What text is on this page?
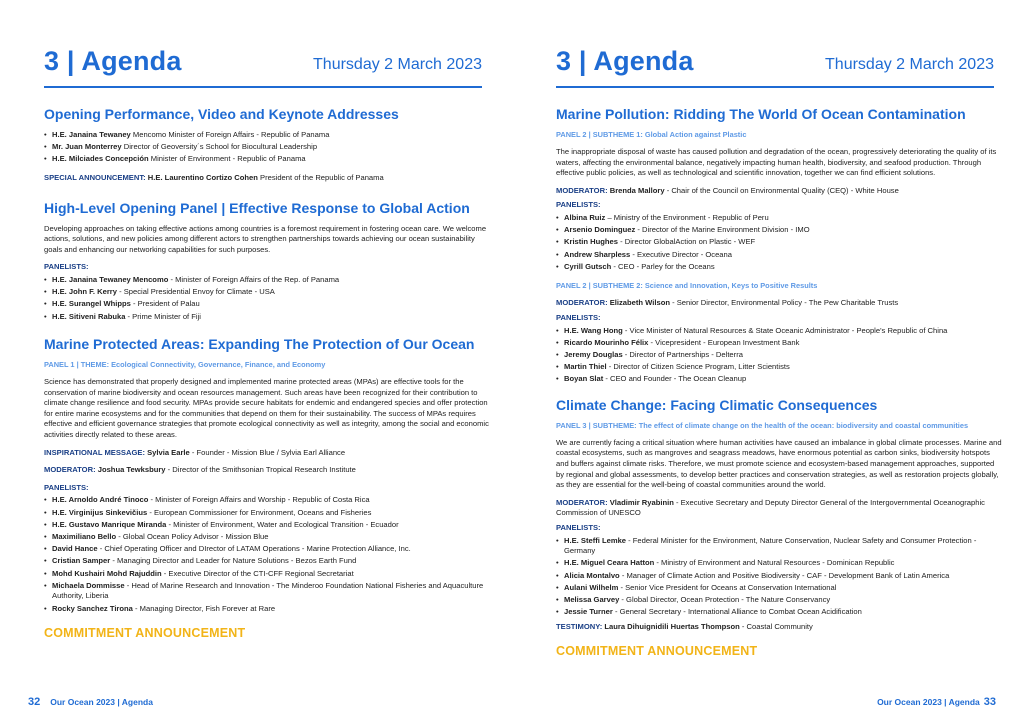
3 | Agenda	Thursday 2 March 2023
Opening Performance, Video and Keynote Addresses
• H.E. Janaina Tewaney Mencomo Minister of Foreign Affairs - Republic of Panama
• Mr. Juan Monterrey Director of Geoversity´s School for Biocultural Leadership
• H.E. Milciades Concepción Minister of Environment - Republic of Panama
SPECIAL ANNOUNCEMENT: H.E. Laurentino Cortizo Cohen President of the Republic of Panama
High-Level Opening Panel | Effective Response to Global Action

Developing approaches on taking effective actions among countries is a foremost requirement in fostering ocean care. We welcome actions, solutions, and new policies among different actors to strengthen partnerships towards achieving our ocean sustainability goals and enhancing our networking capabilities for such purposes.

PANELISTS:
• H.E. Janaina Tewaney Mencomo - Minister of Foreign Affairs of the Rep. of Panama
• H.E. John F. Kerry - Special Presidential Envoy for Climate - USA
• H.E. Surangel Whipps - President of Palau
• H.E. Sitiveni Rabuka - Prime Minister of Fiji
Marine Protected Areas: Expanding The Protection of Our Ocean
PANEL 1 | THEME: Ecological Connectivity, Governance, Finance, and Economy

Science has demonstrated that properly designed and implemented marine protected areas (MPAs) are effective tools for the conservation of marine biodiversity and ocean resources management. Such areas have been recognized for their contribution to climate change resilience and food security. MPAs provide secure habitats for endemic and endangered species and offer protection for entire marine ecosystems and for the communities that depend on them for their sustainability. The success of MPAs requires effective and efficient governance strategies that promote ecological connectivity as well as integrity, among the social and economic activities directly related to these areas.

INSPIRATIONAL MESSAGE: Sylvia Earle - Founder - Mission Blue / Sylvia Earl Alliance
MODERATOR: Joshua Tewksbury - Director of the Smithsonian Tropical Research Institute
PANELISTS:
• H.E. Arnoldo André Tinoco - Minister of Foreign Affairs and Worship - Republic of Costa Rica
• H.E. Virginijus Sinkevičius - European Commissioner for Environment, Oceans and Fisheries
• H.E. Gustavo Manrique Miranda - Minister of Environment, Water and Ecological Transition - Ecuador
• Maximiliano Bello - Global Ocean Policy Advisor - Mission Blue
• David Hance - Chief Operating Officer and DIrector of LATAM Operations - Marine Protection Alliance, Inc.
• Cristian Samper - Managing Director and Leader for Nature Solutions - Bezos Earth Fund
• Mohd Kushairi Mohd Rajuddin - Executive Director of the CTI-CFF Regional Secretariat
• Michaela Dommisse - Head of Marine Research and Innovation - The Minderoo Foundation National Fisheries and Aquaculture Authority, Liberia
• Rocky Sanchez Tirona - Managing Director, Fish Forever at Rare
COMMITMENT ANNOUNCEMENT
32 Our Ocean 2023 | Agenda
3 | Agenda	Thursday 2 March 2023
Marine Pollution: Ridding The World Of Ocean Contamination
PANEL 2 | SUBTHEME 1: Global Action against Plastic

The inappropriate disposal of waste has caused pollution and degradation of the ocean, progressively deteriorating the quality of its waters, affecting the environmental balance, negatively impacting human health, biodiversity, and seafood production. Through effective public policies, as well as technological and scientific innovation, together we can find efficient solutions.

MODERATOR: Brenda Mallory - Chair of the Council on Environmental Quality (CEQ) - White House
PANELISTS:
• Albina Ruiz – Ministry of the Environment - Republic of Peru
• Arsenio Dominguez - Director of the Marine Environment Division - IMO
• Kristin Hughes - Director GlobalAction on Plastic - WEF
• Andrew Sharpless - Executive Director - Oceana
• Cyrill Gutsch - CEO - Parley for the Oceans
PANEL 2 | SUBTHEME 2: Science and Innovation, Keys to Positive Results
MODERATOR: Elizabeth Wilson - Senior Director, Environmental Policy - The Pew Charitable Trusts
PANELISTS:
• H.E. Wang Hong - Vice Minister of Natural Resources & State Oceanic Administrator - People's Republic of China
• Ricardo Mourinho Félix - Vicepresident - European Investment Bank
• Jeremy Douglas - Director of Partnerships - Delterra
• Martin Thiel - Director of Citizen Science Program, Litter Scientists
• Boyan Slat - CEO and Founder - The Ocean Cleanup
Climate Change: Facing Climatic Consequences
PANEL 3 | SUBTHEME: The effect of climate change on the health of the ocean: biodiversity and coastal communities

We are currently facing a critical situation where human activities have caused an imbalance in global climate processes. Marine and coastal ecosystems, such as mangroves and seagrass meadows, have enormous potential as carbon sinks, biodiversity hotspots and buffers against climate risks. Therefore, we must promote science and ecosystem-based management approaches, supported by regional and global assessments, to develop better practices and conservation strategies, as well as restoration projects globally, as they are essential for the well-being of coastal communities around the world.

MODERATOR: Vladimir Ryabinin - Executive Secretary and Deputy Director General of the Intergovernmental Oceanographic Commission of UNESCO
PANELISTS:
• H.E. Steffi Lemke - Federal Minister for the Environment, Nature Conservation, Nuclear Safety and Consumer Protection - Germany
• H.E. Miguel Ceara Hatton - Ministry of Environment and Natural Resources - Dominican Republic
• Alicia Montalvo - Manager of Climate Action and Positive Biodiversity - CAF - Development Bank of Latin America
• Aulani Wilhelm - Senior Vice President for Oceans at Conservation International
• Melissa Garvey - Global Director, Ocean Protection - The Nature Conservancy
• Jessie Turner - General Secretary - International Alliance to Combat Ocean Acidification
TESTIMONY: Laura Dihuignidili Huertas Thompson - Coastal Community
COMMITMENT ANNOUNCEMENT
Our Ocean 2023 | Agenda 33
